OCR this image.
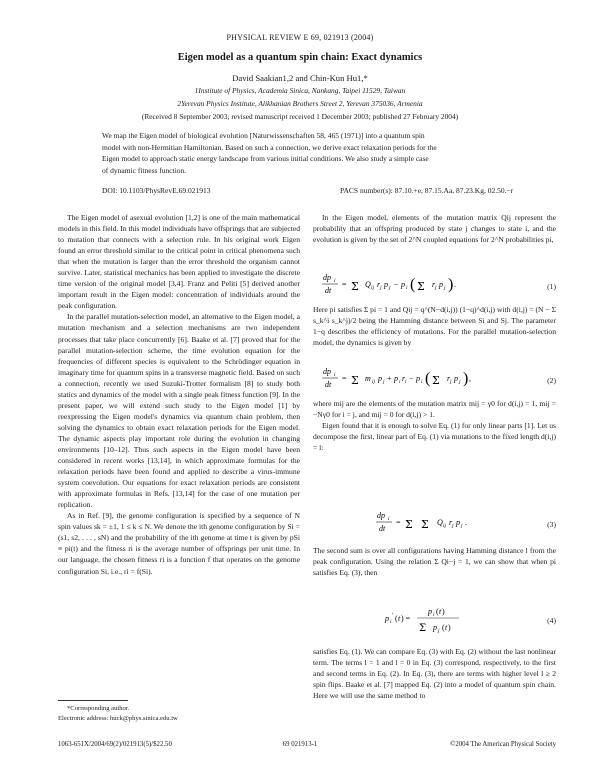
PHYSICAL REVIEW E 69, 021913 (2004)
Eigen model as a quantum spin chain: Exact dynamics
David Saakian1,2 and Chin-Kun Hu1,*
1Institute of Physics, Academia Sinica, Nankang, Taipei 11529, Taiwan
2Yerevan Physics Institute, Alikhanian Brothers Street 2, Yerevan 375036, Armenia
(Received 8 September 2003; revised manuscript received 1 December 2003; published 27 February 2004)
We map the Eigen model of biological evolution [Naturwissenschaften 58, 465 (1971)] into a quantum spin
model with non-Hermitian Hamiltonian. Based on such a connection, we derive exact relaxation periods for the
Eigen model to approach static energy landscape from various initial conditions. We also study a simple case
of dynamic fitness function.
DOI: 10.1103/PhysRevE.69.021913	PACS number(s): 87.10.+e, 87.15.Aa, 87.23.Kg, 02.50.−r

The Eigen model of asexual evolution [1,2] is one of the main mathematical models in this field. In this model individuals have offsprings that are subjected to mutation that connects with a selection rule. In his original work Eigen found an error threshold similar to the critical point in critical phenomena such that when the mutation is larger than the error threshold the organism cannot survive. Later, statistical mechanics has been applied to investigate the discrete time version of the original model [3,4]. Franz and Peliti [5] derived another important result in the Eigen model: concentration of individuals around the peak configuration.

In the parallel mutation-selection model, an alternative to the Eigen model, a mutation mechanism and a selection mechanisms are two independent processes that take place concurrently [6]. Baake et al. [7] proved that for the parallel mutation-selection scheme, the time evolution equation for the frequencies of different species is equivalent to the Schrödinger equation in imaginary time for quantum spins in a transverse magnetic field. Based on such a connection, recently we used Suzuki-Trotter formalism [8] to study both statics and dynamics of the model with a single peak fitness function [9]. In the present paper, we will extend such study to the Eigen model [1] by reexpressing the Eigen model's dynamics via quantum chain problem, then solving the dynamics to obtain exact relaxation periods for the Eigen model. The dynamic aspects play important role during the evolution in changing environments [10–12]. Thus such aspects in the Eigen model have been considered in recent works [13,14], in which approximate formulas for the relaxation periods have been found and applied to describe a virus-immune system coevolution. Our equations for exact relaxation periods are consistent with approximate formulas in Refs. [13,14] for the case of one mutation per replication.

As in Ref. [9], the genome configuration is specified by a sequence of N spin values sk = ±1, 1 ≤ k ≤ N. We denote the ith genome configuration by Si = (s1, s2, . . . , sN) and the probability of the ith genome at time t is given by pSi ≡ pi(t) and the fitness ri is the average number of offsprings per unit time. In our language, the chosen fitness ri is a function f that operates on the genome configuration Si, i.e., ri = f(Si).

In the Eigen model, elements of the mutation matrix Qij represent the probability that an offspring produced by state j changes to state i, and the evolution is given by the set of 2^N coupled equations for 2^N probabilities pi,

dp i
dt
= Σ Q ij r j p j − p i ( Σ r j p j ) .	(1)

Here pi satisfies Σ pi = 1 and Qij = q^(N−d(i,j)) (1−q)^d(i,j) with d(i,j) = (N − Σ s_k^i s_k^j)/2 being the Hamming distance between Si and Sj. The parameter 1−q describes the efficiency of mutations. For the parallel mutation-selection model, the dynamics is given by

dp i
dt
= Σ m ij p j + p i r i − p i ( Σ r j p j ) ,	(2)

where mij are the elements of the mutation matrix mij = γ0 for d(i,j) = 1, mij = −Nγ0 for i = j, and mij = 0 for d(i,j) > 1.

Eigen found that it is enough to solve Eq. (1) for only linear parts [1]. Let us decompose the first, linear part of Eq. (1) via mutations to the fixed length d(i,j) = l:

dp i
dt
= Σ Σ Q ij r j p j .	(3)

The second sum is over all configurations having Hamming distance l from the peak configuration. Using the relation Σ Qi−j = 1, we can show that when pi satisfies Eq. (3), then

p i
′ ( t ) =
p i ( t )
Σ p j ( t )
(4)

satisfies Eq. (1). We can compare Eq. (3) with Eq. (2) without the last nonlinear term. The terms l = 1 and l = 0 in Eq. (3) correspond, respectively, to the first and second terms in Eq. (2). In Eq. (3), there are terms with higher level l ≥ 2 spin flips. Baake et al. [7] mapped Eq. (2) into a model of quantum spin chain. Here we will use the same method to

*Corresponding author.
Electronic address: huck@phys.sinica.edu.tw
1063-651X/2004/69(2)/021913(5)/$22.50	69 021913-1	©2004 The American Physical Society
